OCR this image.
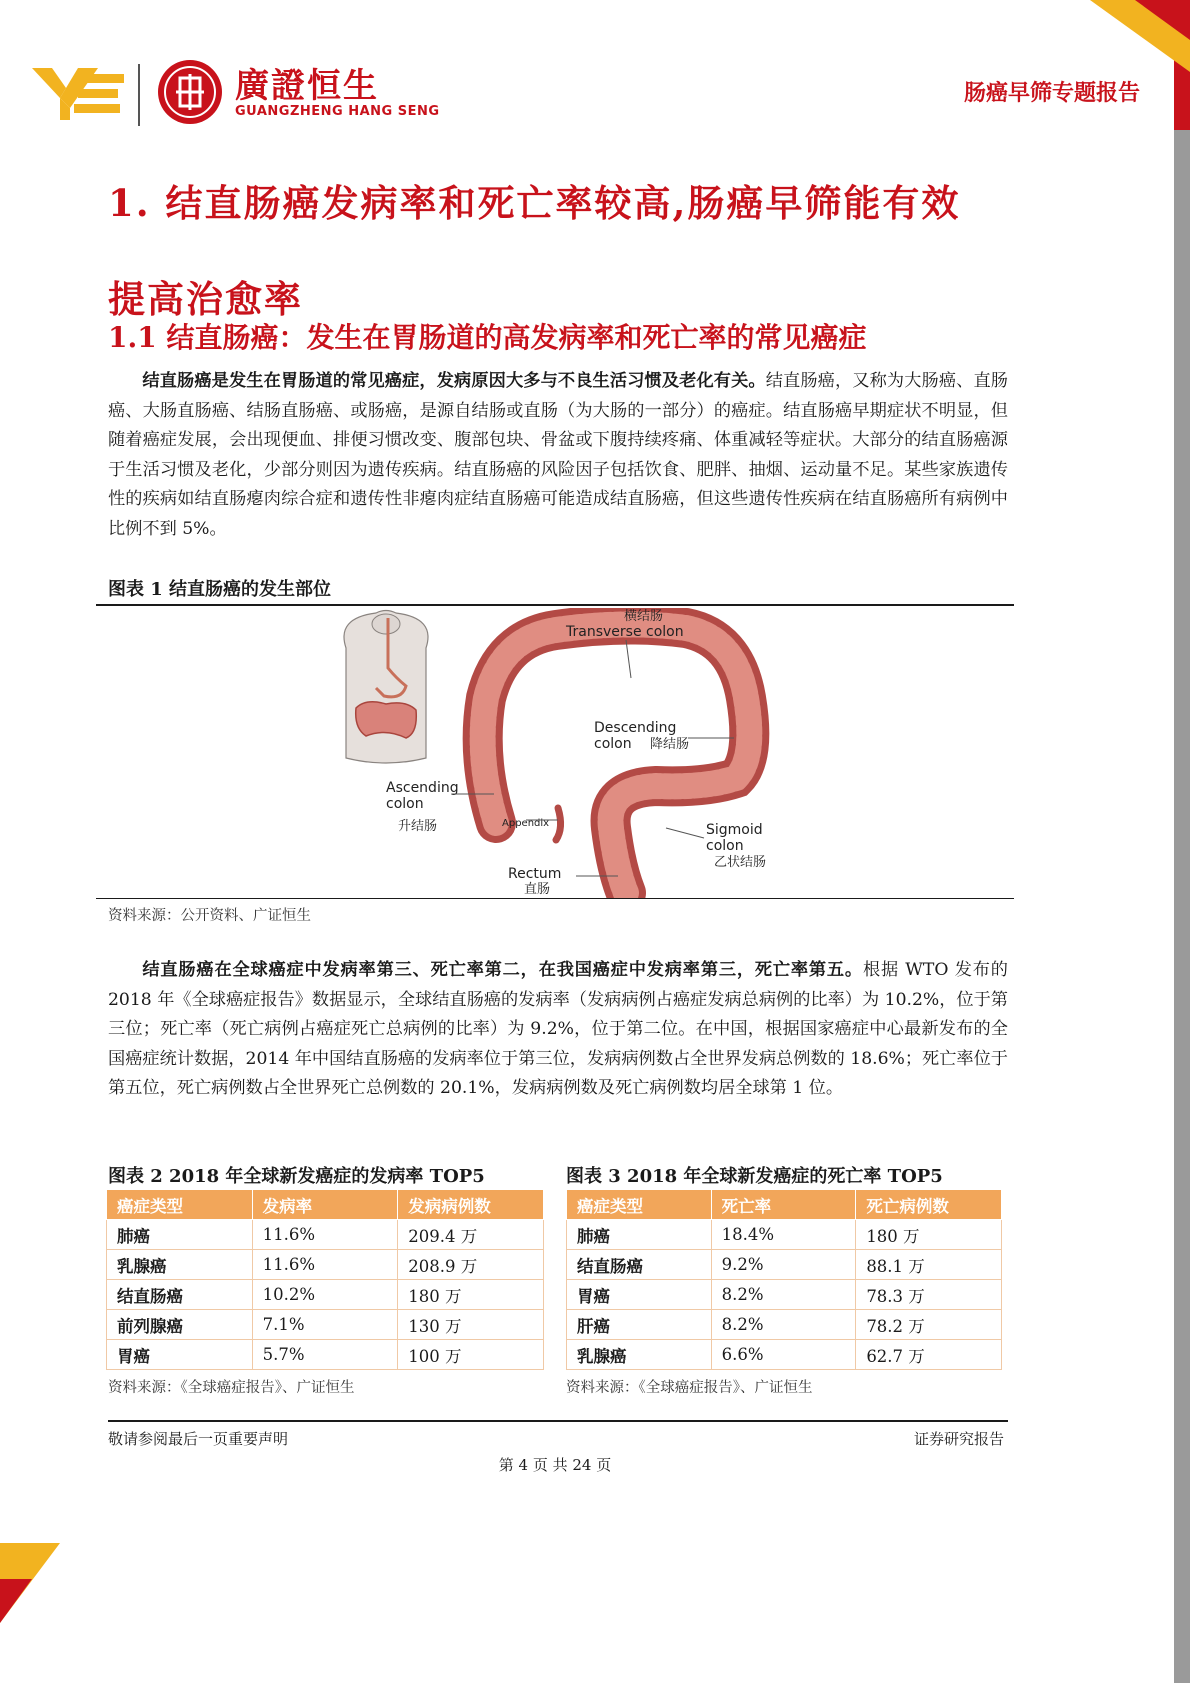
廣證恒生
GUANGZHENG HANG SENG
肠癌早筛专题报告
1. 结直肠癌发病率和死亡率较高,肠癌早筛能有效
提高治愈率
1.1 结直肠癌：发生在胃肠道的高发病率和死亡率的常见癌症
结直肠癌是发生在胃肠道的常见癌症，发病原因大多与不良生活习惯及老化有关。结直肠癌，又称为大肠癌、直肠癌、大肠直肠癌、结肠直肠癌、或肠癌，是源自结肠或直肠（为大肠的一部分）的癌症。结直肠癌早期症状不明显，但随着癌症发展，会出现便血、排便习惯改变、腹部包块、骨盆或下腹持续疼痛、体重减轻等症状。大部分的结直肠癌源于生活习惯及老化，少部分则因为遗传疾病。结直肠癌的风险因子包括饮食、肥胖、抽烟、运动量不足。某些家族遗传性的疾病如结直肠瘪肉综合症和遗传性非瘪肉症结直肠癌可能造成结直肠癌，但这些遗传性疾病在结直肠癌所有病例中比例不到 5%。
图表 1 结直肠癌的发生部位
横结肠
Transverse colon
Descending
colon 降结肠
Ascending
colon
升结肠	Appendix	Sigmoid
colon
乙状结肠
Rectum
直肠
资料来源：公开资料、广证恒生
结直肠癌在全球癌症中发病率第三、死亡率第二，在我国癌症中发病率第三，死亡率第五。根据 WTO 发布的 2018 年《全球癌症报告》数据显示，全球结直肠癌的发病率（发病病例占癌症发病总病例的比率）为 10.2%，位于第三位；死亡率（死亡病例占癌症死亡总病例的比率）为 9.2%，位于第二位。在中国，根据国家癌症中心最新发布的全国癌症统计数据，2014 年中国结直肠癌的发病率位于第三位，发病病例数占全世界发病总例数的 18.6%；死亡率位于第五位，死亡病例数占全世界死亡总例数的 20.1%，发病病例数及死亡病例数均居全球第 1 位。
图表 2 2018 年全球新发癌症的发病率 TOP5
癌症类型	发病率	发病病例数
肺癌	11.6%	209.4 万
乳腺癌	11.6%	208.9 万
结直肠癌	10.2%	180 万
前列腺癌	7.1%	130 万
胃癌	5.7%	100 万
资料来源：《全球癌症报告》、广证恒生
图表 3 2018 年全球新发癌症的死亡率 TOP5
癌症类型	死亡率	死亡病例数
肺癌	18.4%	180 万
结直肠癌	9.2%	88.1 万
胃癌	8.2%	78.3 万
肝癌	8.2%	78.2 万
乳腺癌	6.6%	62.7 万
资料来源：《全球癌症报告》、广证恒生
敬请参阅最后一页重要声明	证券研究报告
第 4 页 共 24 页
